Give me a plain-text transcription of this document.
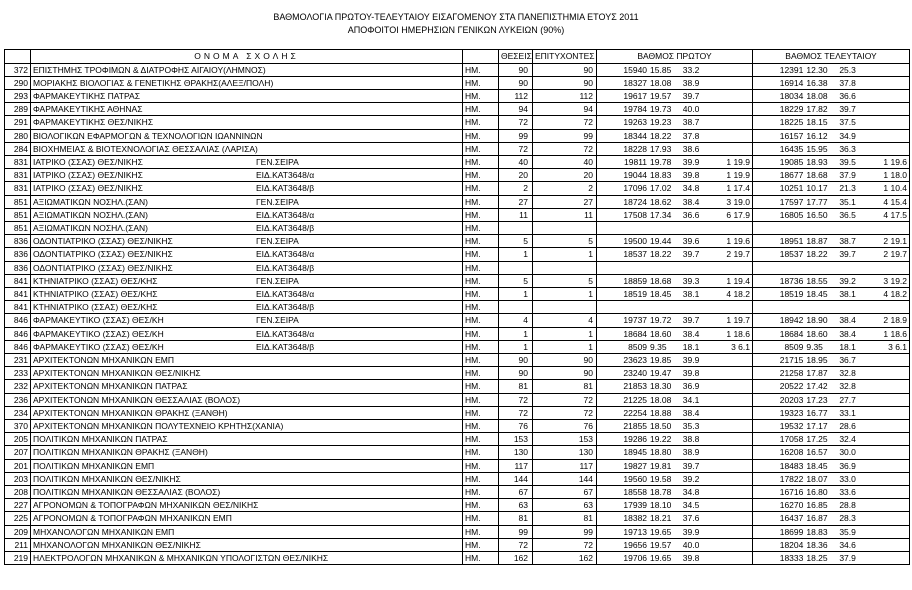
ΒΑΘΜΟΛΟΓΙΑ ΠΡΩΤΟΥ-ΤΕΛΕΥΤΑΙΟΥ ΕΙΣΑΓΟΜΕΝΟΥ ΣΤΑ ΠΑΝΕΠΙΣΤΗΜΙΑ ΕΤΟΥΣ 2011
ΑΠΟΦΟΙΤΟΙ ΗΜΕΡΗΣΙΩΝ ΓΕΝΙΚΩΝ ΛΥΚΕΙΩΝ (90%)
	ΟΝΟΜΑ ΣΧΟΛΗΣ		ΘΕΣΕΙΣ	ΕΠΙΤΥΧΟΝΤΕΣ	ΒΑΘΜΟΣ ΠΡΩΤΟΥ	ΒΑΘΜΟΣ ΤΕΛΕΥΤΑΙΟΥ
372	ΕΠΙΣΤΗΜΗΣ ΤΡΟΦΙΜΩΝ & ΔΙΑΤΡΟΦΗΣ ΑΙΓΑΙΟΥ(ΛΗΜΝΟΣ)	ΗΜ.	90	90	15940 15.85 33.2	12391 12.30 25.3

290	ΜΟΡΙΑΚΗΣ ΒΙΟΛΟΓΙΑΣ & ΓΕΝΕΤΙΚΗΣ ΘΡΑΚΗΣ(ΑΛΕΞ/ΠΟΛΗ)	ΗΜ.	90	90	18327 18.08 38.9	16914 16.38 37.8

293	ΦΑΡΜΑΚΕΥΤΙΚΗΣ ΠΑΤΡΑΣ	ΗΜ.	112	112	19617 19.57 39.7	18034 18.08 36.6

289	ΦΑΡΜΑΚΕΥΤΙΚΗΣ ΑΘΗΝΑΣ	ΗΜ.	94	94	19784 19.73 40.0	18229 17.82 39.7

291	ΦΑΡΜΑΚΕΥΤΙΚΗΣ ΘΕΣ/ΝΙΚΗΣ	ΗΜ.	72	72	19263 19.23 38.7	18225 18.15 37.5

280	ΒΙΟΛΟΓΙΚΩΝ ΕΦΑΡΜΟΓΩΝ & ΤΕΧΝΟΛΟΓΙΩΝ ΙΩΑΝΝΙΝΩΝ	ΗΜ.	99	99	18344 18.22 37.8	16157 16.12 34.9

284	ΒΙΟΧΗΜΕΙΑΣ & ΒΙΟΤΕΧΝΟΛΟΓΙΑΣ ΘΕΣΣΑΛΙΑΣ (ΛΑΡΙΣΑ)	ΗΜ.	72	72	18228 17.93 38.6	16435 15.95 36.3

831	ΙΑΤΡΙΚΟ (ΣΣΑΣ) ΘΕΣ/ΝΙΚΗΣ ΓΕΝ.ΣΕΙΡΑ	ΗΜ.	40	40	19811 19.78 39.9 1 19.9	19085 18.93 39.5 1 19.6

831	ΙΑΤΡΙΚΟ (ΣΣΑΣ) ΘΕΣ/ΝΙΚΗΣ ΕΙΔ.ΚΑΤ3648/α	ΗΜ.	20	20	19044 18.83 39.8 1 19.9	18677 18.68 37.9 1 18.0

831	ΙΑΤΡΙΚΟ (ΣΣΑΣ) ΘΕΣ/ΝΙΚΗΣ ΕΙΔ.ΚΑΤ3648/β	ΗΜ.	2	2	17096 17.02 34.8 1 17.4	10251 10.17 21.3 1 10.4

851	ΑΞΙΩΜΑΤΙΚΩΝ ΝΟΣΗΛ.(ΣΑΝ) ΓΕΝ.ΣΕΙΡΑ	ΗΜ.	27	27	18724 18.62 38.4 3 19.0	17597 17.77 35.1 4 15.4

851	ΑΞΙΩΜΑΤΙΚΩΝ ΝΟΣΗΛ.(ΣΑΝ) ΕΙΔ.ΚΑΤ3648/α	ΗΜ.	11	11	17508 17.34 36.6 6 17.9	16805 16.50 36.5 4 17.5

851	ΑΞΙΩΜΑΤΙΚΩΝ ΝΟΣΗΛ.(ΣΑΝ) ΕΙΔ.ΚΑΤ3648/β	ΗΜ.			

836	ΟΔΟΝΤΙΑΤΡΙΚΟ (ΣΣΑΣ) ΘΕΣ/ΝΙΚΗΣ ΓΕΝ.ΣΕΙΡΑ	ΗΜ.	5	5	19500 19.44 39.6 1 19.6	18951 18.87 38.7 2 19.1

836	ΟΔΟΝΤΙΑΤΡΙΚΟ (ΣΣΑΣ) ΘΕΣ/ΝΙΚΗΣ ΕΙΔ.ΚΑΤ3648/α	ΗΜ.	1	1	18537 18.22 39.7 2 19.7	18537 18.22 39.7 2 19.7

836	ΟΔΟΝΤΙΑΤΡΙΚΟ (ΣΣΑΣ) ΘΕΣ/ΝΙΚΗΣ ΕΙΔ.ΚΑΤ3648/β	ΗΜ.			

841	ΚΤΗΝΙΑΤΡΙΚΟ (ΣΣΑΣ) ΘΕΣ/ΚΗΣ ΓΕΝ.ΣΕΙΡΑ	ΗΜ.	5	5	18859 18.68 39.3 1 19.4	18736 18.55 39.2 3 19.2

841	ΚΤΗΝΙΑΤΡΙΚΟ (ΣΣΑΣ) ΘΕΣ/ΚΗΣ ΕΙΔ.ΚΑΤ3648/α	ΗΜ.	1	1	18519 18.45 38.1 4 18.2	18519 18.45 38.1 4 18.2

841	ΚΤΗΝΙΑΤΡΙΚΟ (ΣΣΑΣ) ΘΕΣ/ΚΗΣ ΕΙΔ.ΚΑΤ3648/β	ΗΜ.			

846	ΦΑΡΜΑΚΕΥΤΙΚΟ (ΣΣΑΣ) ΘΕΣ/ΚΗ ΓΕΝ.ΣΕΙΡΑ	ΗΜ.	4	4	19737 19.72 39.7 1 19.7	18942 18.90 38.4 2 18.9

846	ΦΑΡΜΑΚΕΥΤΙΚΟ (ΣΣΑΣ) ΘΕΣ/ΚΗ ΕΙΔ.ΚΑΤ3648/α	ΗΜ.	1	1	18684 18.60 38.4 1 18.6	18684 18.60 38.4 1 18.6

846	ΦΑΡΜΑΚΕΥΤΙΚΟ (ΣΣΑΣ) ΘΕΣ/ΚΗ ΕΙΔ.ΚΑΤ3648/β	ΗΜ.	1	1	8509 9.35 18.1 3 6.1	8509 9.35 18.1 3 6.1

231	ΑΡΧΙΤΕΚΤΟΝΩΝ ΜΗΧΑΝΙΚΩΝ ΕΜΠ	ΗΜ.	90	90	23623 19.85 39.9	21715 18.95 36.7

233	ΑΡΧΙΤΕΚΤΟΝΩΝ ΜΗΧΑΝΙΚΩΝ ΘΕΣ/ΝΙΚΗΣ	ΗΜ.	90	90	23240 19.47 39.8	21258 17.87 32.8

232	ΑΡΧΙΤΕΚΤΟΝΩΝ ΜΗΧΑΝΙΚΩΝ ΠΑΤΡΑΣ	ΗΜ.	81	81	21853 18.30 36.9	20522 17.42 32.8

236	ΑΡΧΙΤΕΚΤΟΝΩΝ ΜΗΧΑΝΙΚΩΝ ΘΕΣΣΑΛΙΑΣ (ΒΟΛΟΣ)	ΗΜ.	72	72	21225 18.08 34.1	20203 17.23 27.7

234	ΑΡΧΙΤΕΚΤΟΝΩΝ ΜΗΧΑΝΙΚΩΝ ΘΡΑΚΗΣ (ΞΑΝΘΗ)	ΗΜ.	72	72	22254 18.88 38.4	19323 16.77 33.1

370	ΑΡΧΙΤΕΚΤΟΝΩΝ ΜΗΧΑΝΙΚΩΝ ΠΟΛΥΤΕΧΝΕΙΟ ΚΡΗΤΗΣ(ΧΑΝΙΑ)	ΗΜ.	76	76	21855 18.50 35.3	19532 17.17 28.6

205	ΠΟΛΙΤΙΚΩΝ ΜΗΧΑΝΙΚΩΝ ΠΑΤΡΑΣ	ΗΜ.	153	153	19286 19.22 38.8	17058 17.25 32.4

207	ΠΟΛΙΤΙΚΩΝ ΜΗΧΑΝΙΚΩΝ ΘΡΑΚΗΣ (ΞΑΝΘΗ)	ΗΜ.	130	130	18945 18.80 38.9	16208 16.57 30.0

201	ΠΟΛΙΤΙΚΩΝ ΜΗΧΑΝΙΚΩΝ ΕΜΠ	ΗΜ.	117	117	19827 19.81 39.7	18483 18.45 36.9

203	ΠΟΛΙΤΙΚΩΝ ΜΗΧΑΝΙΚΩΝ ΘΕΣ/ΝΙΚΗΣ	ΗΜ.	144	144	19560 19.58 39.2	17822 18.07 33.0

208	ΠΟΛΙΤΙΚΩΝ ΜΗΧΑΝΙΚΩΝ ΘΕΣΣΑΛΙΑΣ (ΒΟΛΟΣ)	ΗΜ.	67	67	18558 18.78 34.8	16716 16.80 33.6

227	ΑΓΡΟΝΟΜΩΝ & ΤΟΠΟΓΡΑΦΩΝ ΜΗΧΑΝΙΚΩΝ ΘΕΣ/ΝΙΚΗΣ	ΗΜ.	63	63	17939 18.10 34.5	16270 16.85 28.8

225	ΑΓΡΟΝΟΜΩΝ & ΤΟΠΟΓΡΑΦΩΝ ΜΗΧΑΝΙΚΩΝ ΕΜΠ	ΗΜ.	81	81	18382 18.21 37.6	16437 16.87 28.3

209	ΜΗΧΑΝΟΛΟΓΩΝ ΜΗΧΑΝΙΚΩΝ ΕΜΠ	ΗΜ.	99	99	19713 19.65 39.9	18699 18.83 35.9

211	ΜΗΧΑΝΟΛΟΓΩΝ ΜΗΧΑΝΙΚΩΝ ΘΕΣ/ΝΙΚΗΣ	ΗΜ.	72	72	19656 19.57 40.0	18204 18.36 34.6

219	ΗΛΕΚΤΡΟΛΟΓΩΝ ΜΗΧΑΝΙΚΩΝ & ΜΗΧΑΝΙΚΩΝ ΥΠΟΛΟΓΙΣΤΩΝ ΘΕΣ/ΝΙΚΗΣ	ΗΜ.	162	162	19706 19.65 39.8	18333 18.25 37.9
